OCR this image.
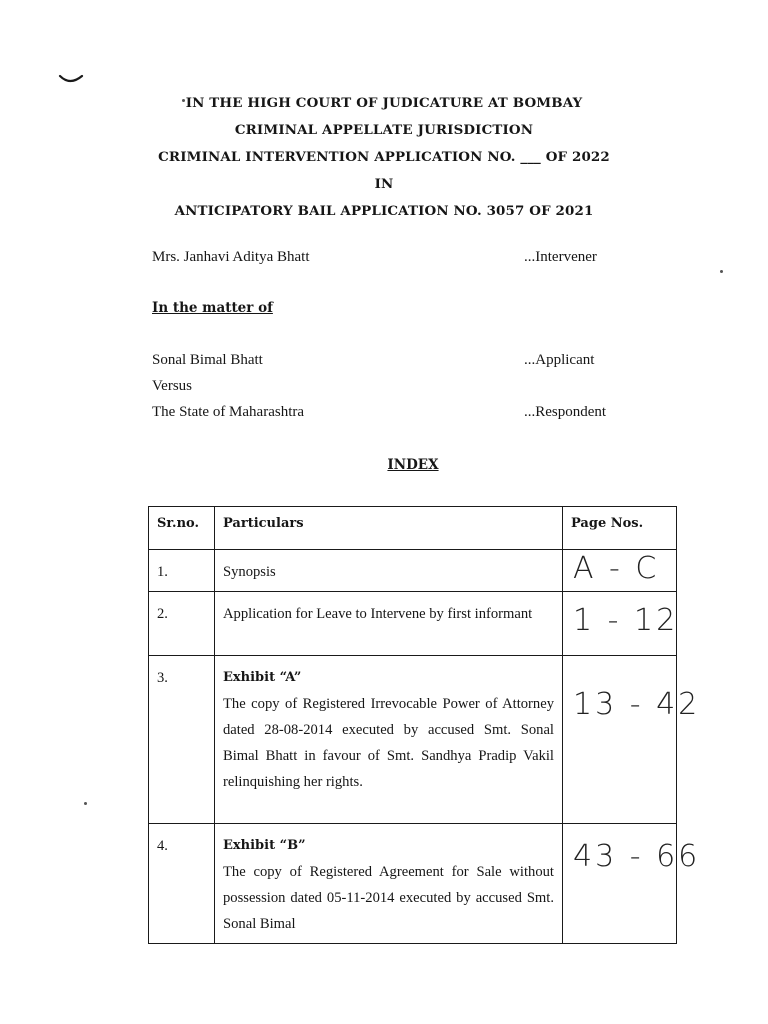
IN THE HIGH COURT OF JUDICATURE AT BOMBAY
CRIMINAL APPELLATE JURISDICTION
CRIMINAL INTERVENTION APPLICATION NO. ___ OF 2022
IN
ANTICIPATORY BAIL APPLICATION NO. 3057 OF 2021
Mrs. Janhavi Aditya Bhatt	...Intervener
In the matter of
Sonal Bimal Bhatt	...Applicant
Versus
The State of Maharashtra	...Respondent
INDEX
Sr.no.	Particulars	Page Nos.
1.	Synopsis	A - C

2.	Application for Leave to Intervene by first informant	1 - 12

3.	Exhibit “A”
The copy of Registered Irrevocable Power of Attorney dated 28-08-2014 executed by accused Smt. Sonal Bimal Bhatt in favour of Smt. Sandhya Pradip Vakil relinquishing her rights.	13 - 42

4.	Exhibit “B”
The copy of Registered Agreement for Sale without possession dated 05-11-2014 executed by accused Smt. Sonal Bimal	43 - 66
